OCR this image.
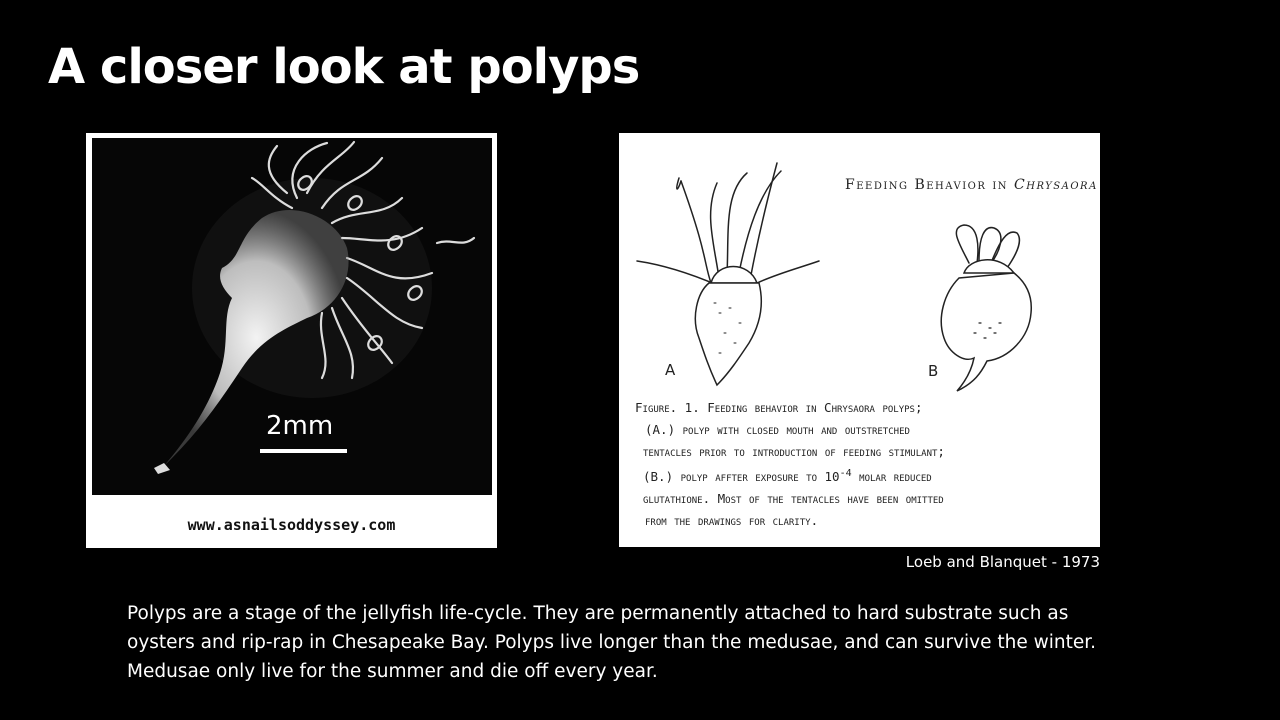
A closer look at polyps
2mm
www.asnailsoddyssey.com
Feeding Behavior in Chrysaora
A	B
Figure. 1. Feeding behavior in Chrysaora polyps;
(A.) polyp with closed mouth and outstretched
tentacles prior to introduction of feeding stimulant;
(B.) polyp affter exposure to $10^{-4}$ molar reduced
glutathione. Most of the tentacles have been omitted
from the drawings for clarity.
Loeb and Blanquet - 1973
Polyps are a stage of the jellyfish life-cycle. They are permanently attached to hard substrate such as
oysters and rip-rap in Chesapeake Bay. Polyps live longer than the medusae, and can survive the winter.
Medusae only live for the summer and die off every year.
